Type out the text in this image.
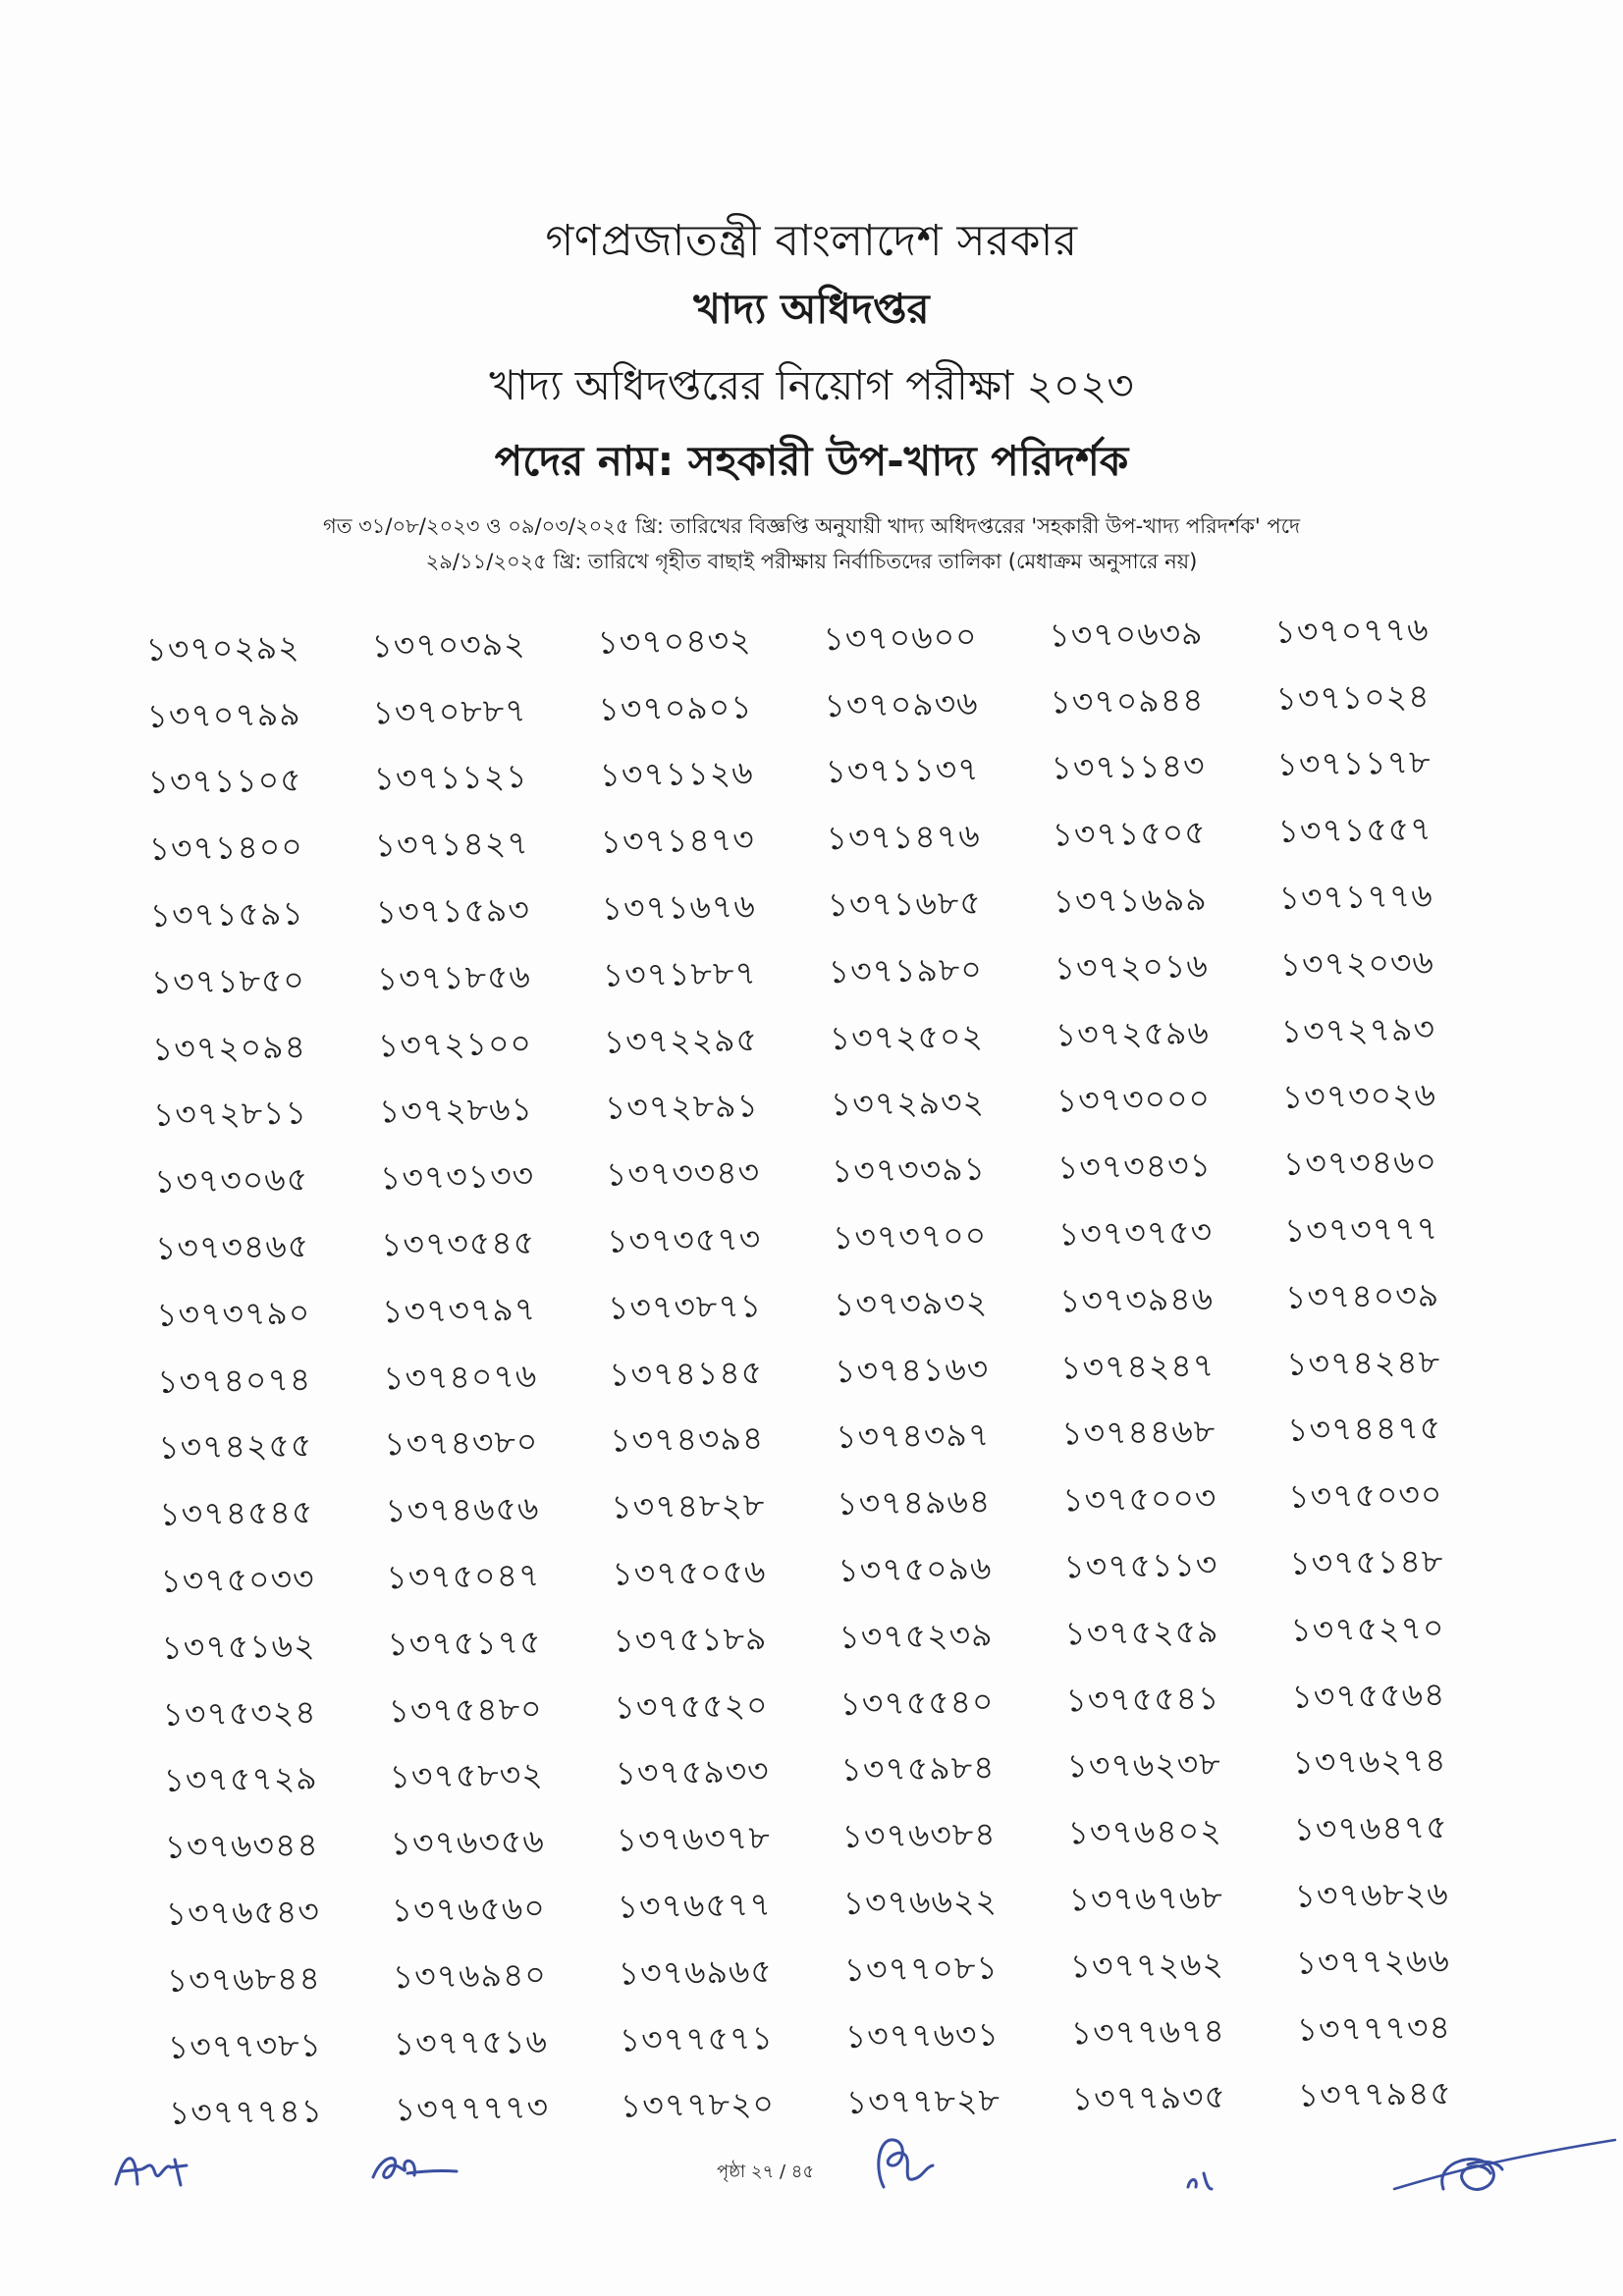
গণপ্রজাতন্ত্রী বাংলাদেশ সরকার
খাদ্য অধিদপ্তর
খাদ্য অধিদপ্তরের নিয়োগ পরীক্ষা ২০২৩
পদের নাম: সহকারী উপ-খাদ্য পরিদর্শক
গত ৩১/০৮/২০২৩ ও ০৯/০৩/২০২৫ খ্রি: তারিখের বিজ্ঞপ্তি অনুযায়ী খাদ্য অধিদপ্তরের 'সহকারী উপ-খাদ্য পরিদর্শক' পদে
২৯/১১/২০২৫ খ্রি: তারিখে গৃহীত বাছাই পরীক্ষায় নির্বাচিতদের তালিকা (মেধাক্রম অনুসারে নয়)
১৩৭০২৯২	১৩৭০৩৯২	১৩৭০৪৩২	১৩৭০৬০০	১৩৭০৬৩৯	১৩৭০৭৭৬
১৩৭০৭৯৯	১৩৭০৮৮৭	১৩৭০৯০১	১৩৭০৯৩৬	১৩৭০৯৪৪	১৩৭১০২৪
১৩৭১১০৫	১৩৭১১২১	১৩৭১১২৬	১৩৭১১৩৭	১৩৭১১৪৩	১৩৭১১৭৮
১৩৭১৪০০	১৩৭১৪২৭	১৩৭১৪৭৩	১৩৭১৪৭৬	১৩৭১৫০৫	১৩৭১৫৫৭
১৩৭১৫৯১	১৩৭১৫৯৩	১৩৭১৬৭৬	১৩৭১৬৮৫	১৩৭১৬৯৯	১৩৭১৭৭৬
১৩৭১৮৫০	১৩৭১৮৫৬	১৩৭১৮৮৭	১৩৭১৯৮০	১৩৭২০১৬	১৩৭২০৩৬
১৩৭২০৯৪	১৩৭২১০০	১৩৭২২৯৫	১৩৭২৫০২	১৩৭২৫৯৬	১৩৭২৭৯৩
১৩৭২৮১১	১৩৭২৮৬১	১৩৭২৮৯১	১৩৭২৯৩২	১৩৭৩০০০	১৩৭৩০২৬
১৩৭৩০৬৫	১৩৭৩১৩৩	১৩৭৩৩৪৩	১৩৭৩৩৯১	১৩৭৩৪৩১	১৩৭৩৪৬০
১৩৭৩৪৬৫	১৩৭৩৫৪৫	১৩৭৩৫৭৩	১৩৭৩৭০০	১৩৭৩৭৫৩	১৩৭৩৭৭৭
১৩৭৩৭৯০	১৩৭৩৭৯৭	১৩৭৩৮৭১	১৩৭৩৯৩২	১৩৭৩৯৪৬	১৩৭৪০৩৯
১৩৭৪০৭৪	১৩৭৪০৭৬	১৩৭৪১৪৫	১৩৭৪১৬৩	১৩৭৪২৪৭	১৩৭৪২৪৮
১৩৭৪২৫৫	১৩৭৪৩৮০	১৩৭৪৩৯৪	১৩৭৪৩৯৭	১৩৭৪৪৬৮	১৩৭৪৪৭৫
১৩৭৪৫৪৫	১৩৭৪৬৫৬	১৩৭৪৮২৮	১৩৭৪৯৬৪	১৩৭৫০০৩	১৩৭৫০৩০
১৩৭৫০৩৩	১৩৭৫০৪৭	১৩৭৫০৫৬	১৩৭৫০৯৬	১৩৭৫১১৩	১৩৭৫১৪৮
১৩৭৫১৬২	১৩৭৫১৭৫	১৩৭৫১৮৯	১৩৭৫২৩৯	১৩৭৫২৫৯	১৩৭৫২৭০
১৩৭৫৩২৪	১৩৭৫৪৮০	১৩৭৫৫২০	১৩৭৫৫৪০	১৩৭৫৫৪১	১৩৭৫৫৬৪
১৩৭৫৭২৯	১৩৭৫৮৩২	১৩৭৫৯৩৩	১৩৭৫৯৮৪	১৩৭৬২৩৮	১৩৭৬২৭৪
১৩৭৬৩৪৪	১৩৭৬৩৫৬	১৩৭৬৩৭৮	১৩৭৬৩৮৪	১৩৭৬৪০২	১৩৭৬৪৭৫
১৩৭৬৫৪৩	১৩৭৬৫৬০	১৩৭৬৫৭৭	১৩৭৬৬২২	১৩৭৬৭৬৮	১৩৭৬৮২৬
১৩৭৬৮৪৪	১৩৭৬৯৪০	১৩৭৬৯৬৫	১৩৭৭০৮১	১৩৭৭২৬২	১৩৭৭২৬৬
১৩৭৭৩৮১	১৩৭৭৫১৬	১৩৭৭৫৭১	১৩৭৭৬৩১	১৩৭৭৬৭৪	১৩৭৭৭৩৪
১৩৭৭৭৪১	১৩৭৭৭৭৩	১৩৭৭৮২০	১৩৭৭৮২৮	১৩৭৭৯৩৫	১৩৭৭৯৪৫
পৃষ্ঠা ২৭ / ৪৫
